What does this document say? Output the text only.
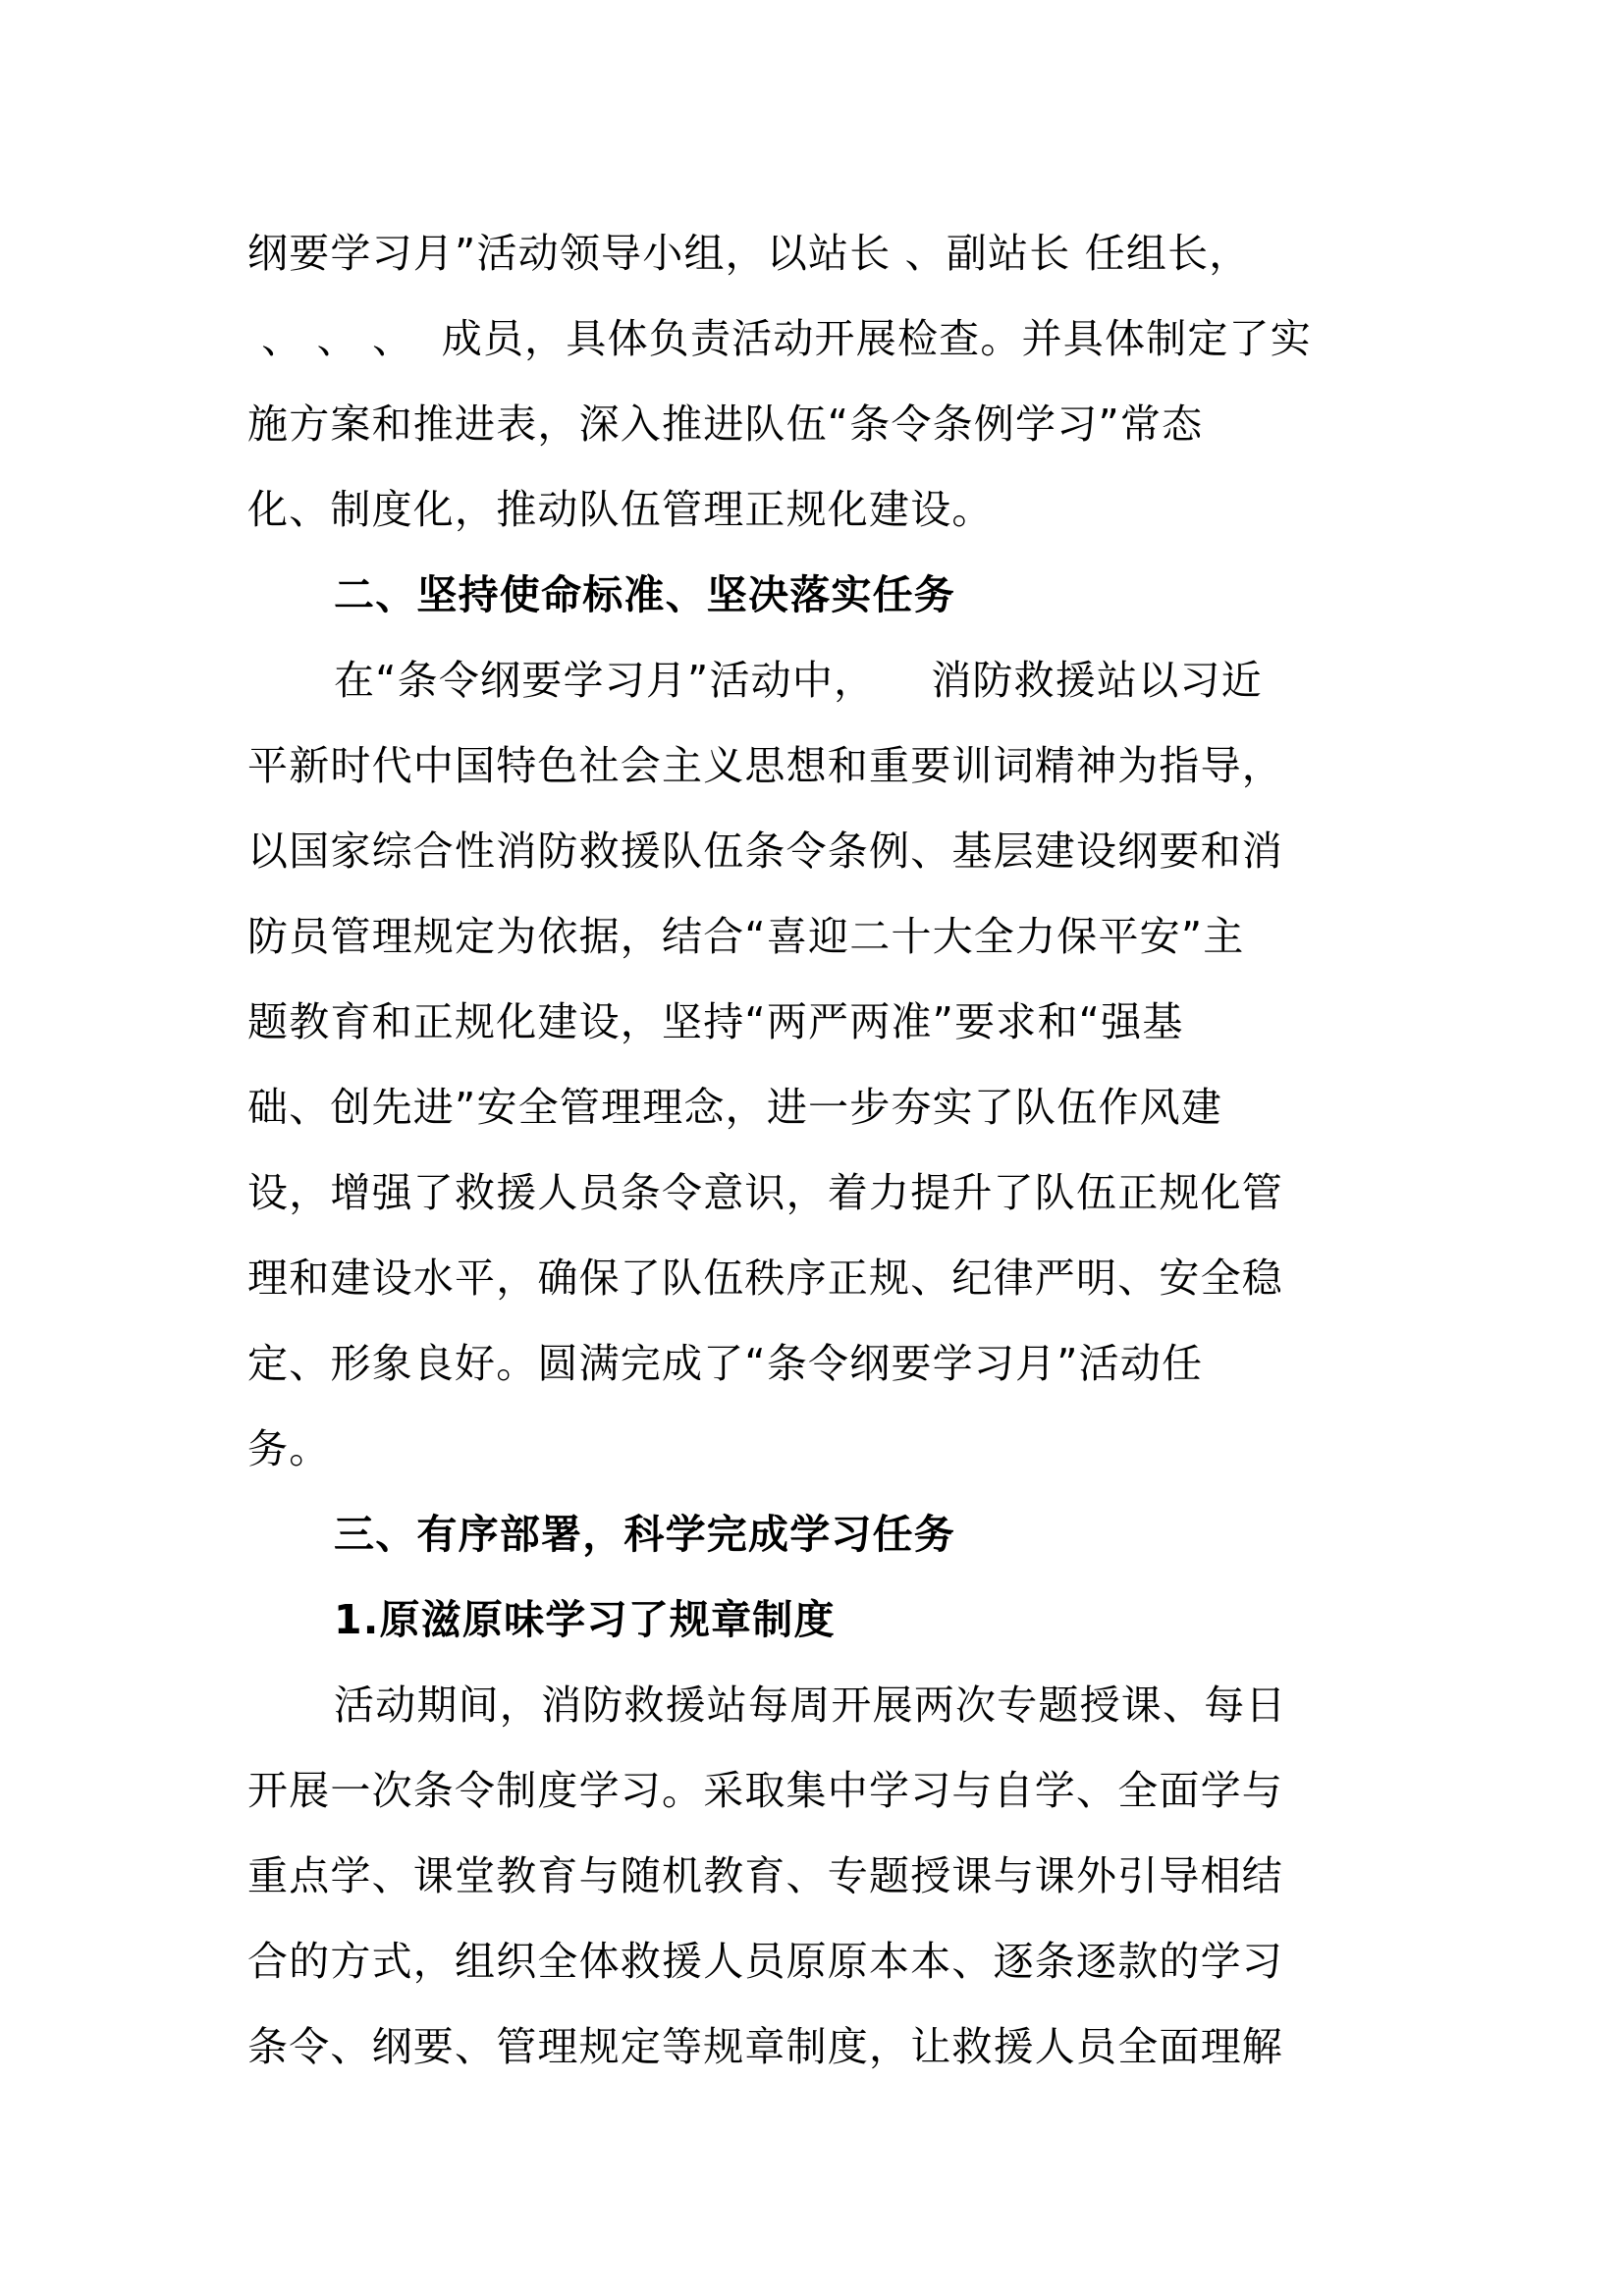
纲要学习月”活动领导小组，以站长 、副站长 任组长，
、 、 、  成员，具体负责活动开展检查。并具体制定了实
施方案和推进表，深入推进队伍“条令条例学习”常态
化、制度化，推动队伍管理正规化建设。
二、坚持使命标准、坚决落实任务
在“条令纲要学习月”活动中，    消防救援站以习近
平新时代中国特色社会主义思想和重要训词精神为指导，
以国家综合性消防救援队伍条令条例、基层建设纲要和消
防员管理规定为依据，结合“喜迎二十大全力保平安”主
题教育和正规化建设，坚持“两严两准”要求和“强基
础、创先进”安全管理理念，进一步夯实了队伍作风建
设，增强了救援人员条令意识，着力提升了队伍正规化管
理和建设水平，确保了队伍秩序正规、纪律严明、安全稳
定、形象良好。圆满完成了“条令纲要学习月”活动任
务。
三、有序部署，科学完成学习任务
1.原滋原味学习了规章制度
活动期间，消防救援站每周开展两次专题授课、每日
开展一次条令制度学习。采取集中学习与自学、全面学与
重点学、课堂教育与随机教育、专题授课与课外引导相结
合的方式，组织全体救援人员原原本本、逐条逐款的学习
条令、纲要、管理规定等规章制度，让救援人员全面理解
